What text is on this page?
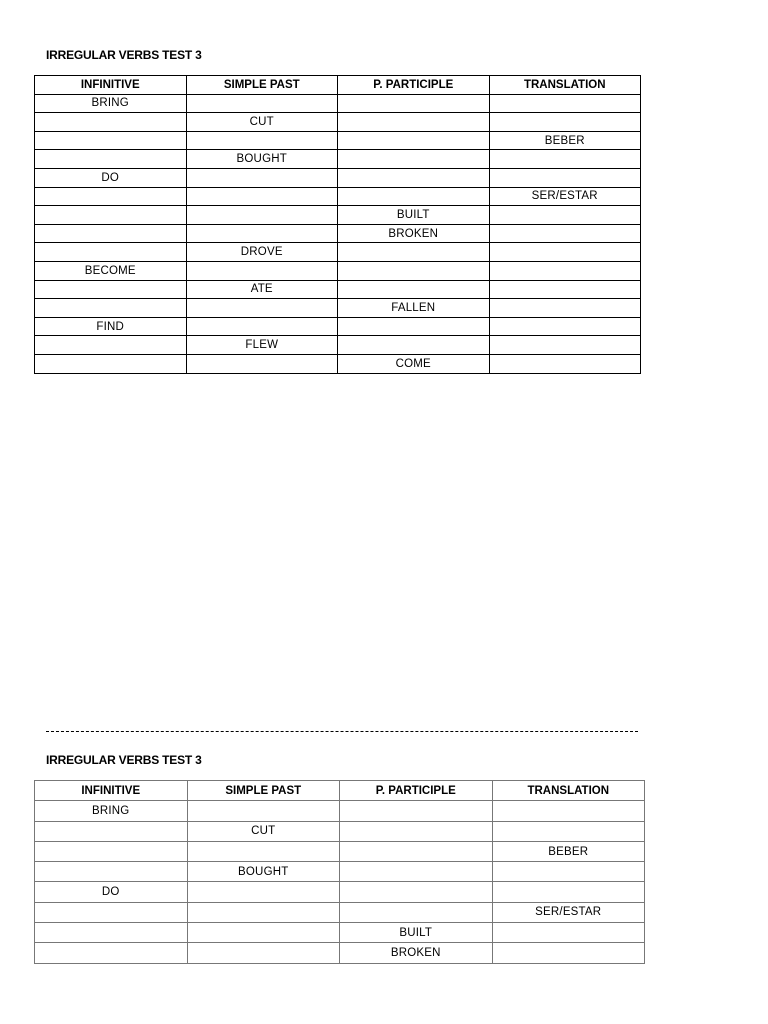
IRREGULAR VERBS TEST 3
INFINITIVE	SIMPLE PAST	P. PARTICIPLE	TRANSLATION
BRING			
	CUT		
			BEBER
	BOUGHT		
DO			
			SER/ESTAR
		BUILT	
		BROKEN	
	DROVE		
BECOME			
	ATE		
		FALLEN	
FIND			
	FLEW		
		COME	
IRREGULAR VERBS TEST 3
INFINITIVE	SIMPLE PAST	P. PARTICIPLE	TRANSLATION
BRING			
	CUT		
			BEBER
	BOUGHT		
DO			
			SER/ESTAR
		BUILT	
		BROKEN	
